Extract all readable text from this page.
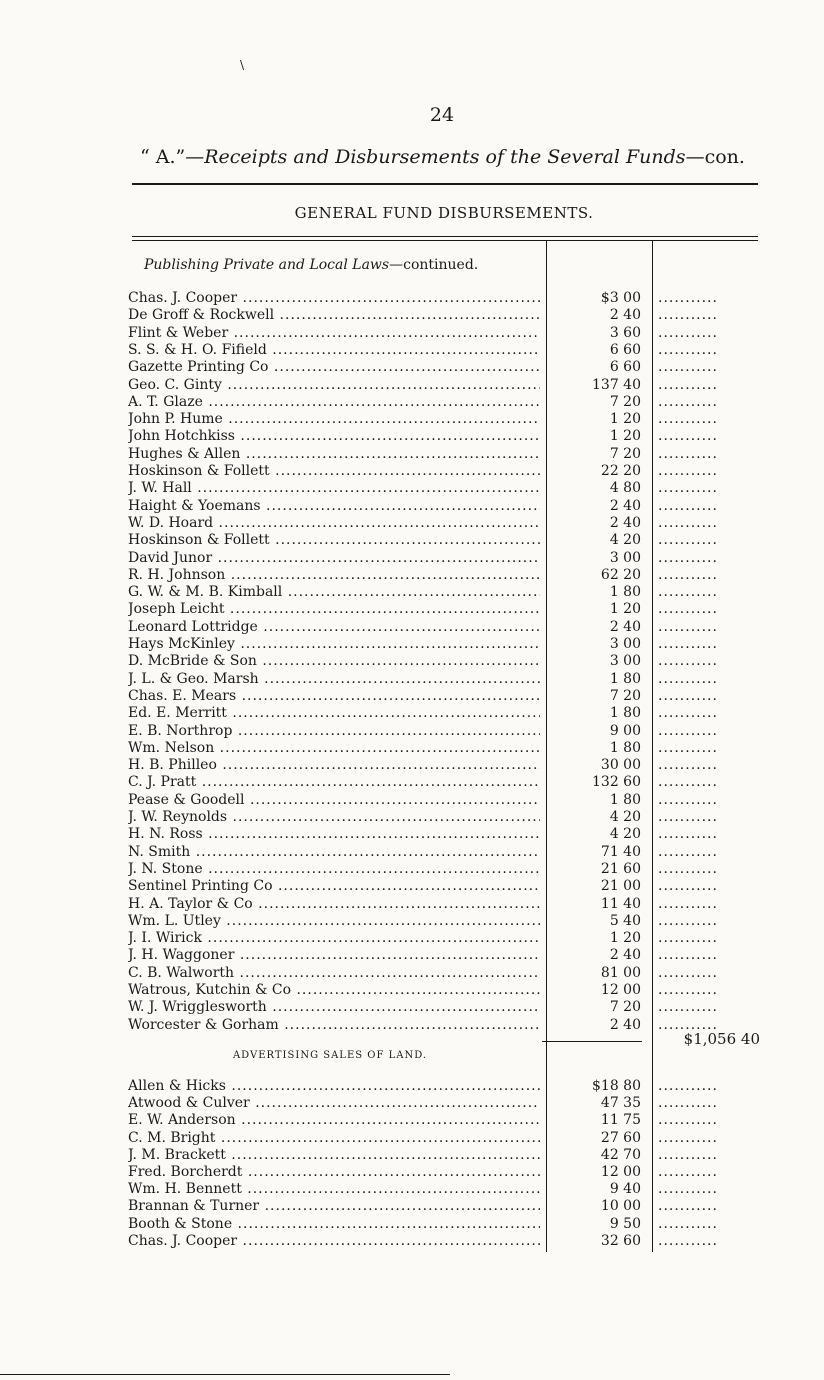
\
24
“ A.”—Receipts and Disbursements of the Several Funds—con.
GENERAL FUND DISBURSEMENTS.
Publishing Private and Local Laws—continued.
Chas. J. Cooper .....	$3 00 ...........
De Groff & Rockwell .....	2 40 ...........
Flint & Weber .....	3 60 ...........
S. S. & H. O. Fifield .....	6 60 ...........
Gazette Printing Co .....	6 60 ...........
Geo. C. Ginty .....	137 40 ...........
A. T. Glaze .....	7 20 ...........
John P. Hume .....	1 20 ...........
John Hotchkiss .....	1 20 ...........
Hughes & Allen .....	7 20 ...........
Hoskinson & Follett .....	22 20 ...........
J. W. Hall .....	4 80 ...........
Haight & Yoemans .....	2 40 ...........
W. D. Hoard .....	2 40 ...........
Hoskinson & Follett .....	4 20 ...........
David Junor .....	3 00 ...........
R. H. Johnson .....	62 20 ...........
G. W. & M. B. Kimball .....	1 80 ...........
Joseph Leicht .....	1 20 ...........
Leonard Lottridge .....	2 40 ...........
Hays McKinley .....	3 00 ...........
D. McBride & Son .....	3 00 ...........
J. L. & Geo. Marsh .....	1 80 ...........
Chas. E. Mears .....	7 20 ...........
Ed. E. Merritt .....	1 80 ...........
E. B. Northrop .....	9 00 ...........
Wm. Nelson .....	1 80 ...........
H. B. Philleo .....	30 00 ...........
C. J. Pratt .....	132 60 ...........
Pease & Goodell .....	1 80 ...........
J. W. Reynolds .....	4 20 ...........
H. N. Ross .....	4 20 ...........
N. Smith .....	71 40 ...........
J. N. Stone .....	21 60 ...........
Sentinel Printing Co .....	21 00 ...........
H. A. Taylor & Co .....	11 40 ...........
Wm. L. Utley .....	5 40 ...........
J. I. Wirick .....	1 20 ...........
J. H. Waggoner .....	2 40 ...........
C. B. Walworth .....	81 00 ...........
Watrous, Kutchin & Co .....	12 00 ...........
W. J. Wrigglesworth .....	7 20 ...........
Worcester & Gorham .....	2 40 ...........
$1,056 40
ADVERTISING SALES OF LAND.
Allen & Hicks .....	$18 80 ...........
Atwood & Culver .....	47 35 ...........
E. W. Anderson .....	11 75 ...........
C. M. Bright .....	27 60 ...........
J. M. Brackett .....	42 70 ...........
Fred. Borcherdt .....	12 00 ...........
Wm. H. Bennett .....	9 40 ...........
Brannan & Turner .....	10 00 ...........
Booth & Stone .....	9 50 ...........
Chas. J. Cooper .....	32 60 ...........
